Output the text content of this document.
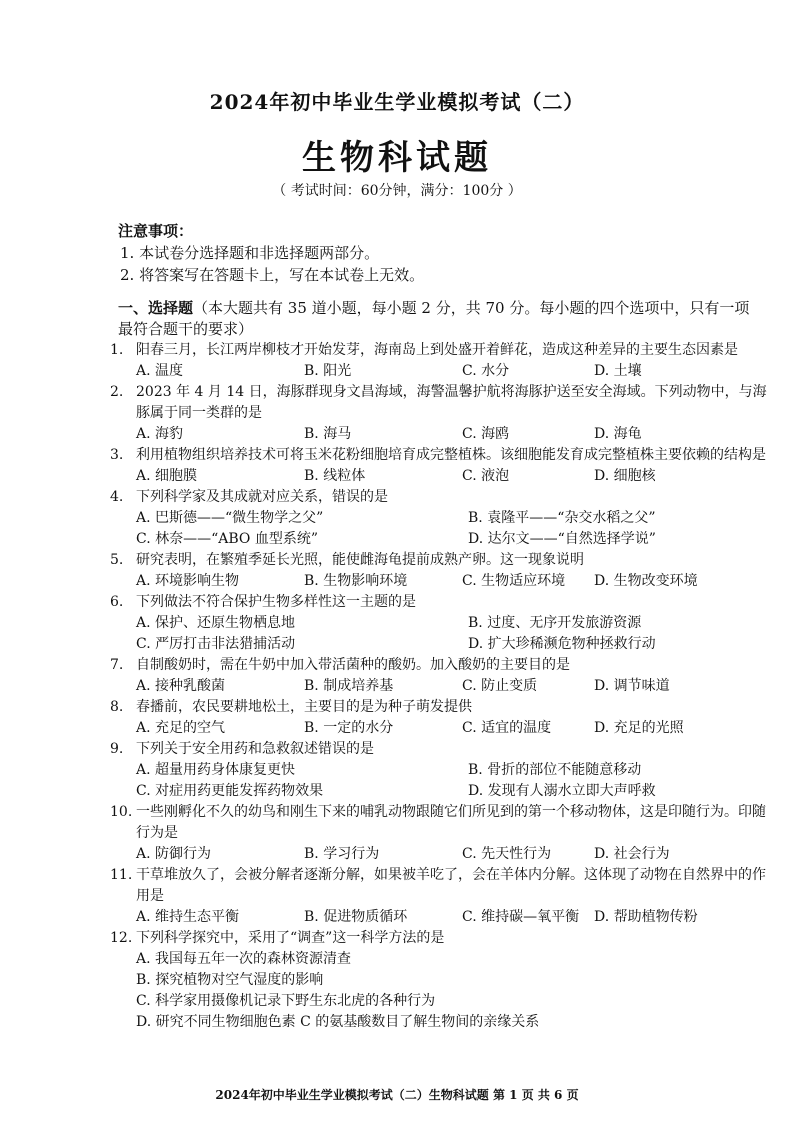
2024年初中毕业生学业模拟考试（二）
生物科试题
（ 考试时间：60分钟，满分：100分 ）
注意事项：
1. 本试卷分选择题和非选择题两部分。
2. 将答案写在答题卡上，写在本试卷上无效。
一、选择题（本大题共有 35 道小题，每小题 2 分，共 70 分。每小题的四个选项中，只有一项最符合题干的要求）
1. 阳春三月，长江两岸柳枝才开始发芽，海南岛上到处盛开着鲜花，造成这种差异的主要生态因素是
A. 温度	B. 阳光	C. 水分	D. 土壤
2. 2023 年 4 月 14 日，海豚群现身文昌海域，海警温馨护航将海豚护送至安全海域。下列动物中，与海豚属于同一类群的是
A. 海豹	B. 海马	C. 海鸥	D. 海龟
3. 利用植物组织培养技术可将玉米花粉细胞培育成完整植株。该细胞能发育成完整植株主要依赖的结构是
A. 细胞膜	B. 线粒体	C. 液泡	D. 细胞核
4. 下列科学家及其成就对应关系，错误的是
A. 巴斯德——“微生物学之父”	B. 袁隆平——“杂交水稻之父”
C. 林奈——“ABO 血型系统”	D. 达尔文——“自然选择学说”
5. 研究表明，在繁殖季延长光照，能使雌海龟提前成熟产卵。这一现象说明
A. 环境影响生物	B. 生物影响环境	C. 生物适应环境	D. 生物改变环境
6. 下列做法不符合保护生物多样性这一主题的是
A. 保护、还原生物栖息地	B. 过度、无序开发旅游资源
C. 严厉打击非法猎捕活动	D. 扩大珍稀濒危物种拯救行动
7. 自制酸奶时，需在牛奶中加入带活菌种的酸奶。加入酸奶的主要目的是
A. 接种乳酸菌	B. 制成培养基	C. 防止变质	D. 调节味道
8. 春播前，农民要耕地松土，主要目的是为种子萌发提供
A. 充足的空气	B. 一定的水分	C. 适宜的温度	D. 充足的光照
9. 下列关于安全用药和急救叙述错误的是
A. 超量用药身体康复更快	B. 骨折的部位不能随意移动
C. 对症用药更能发挥药物效果	D. 发现有人溺水立即大声呼救
10. 一些刚孵化不久的幼鸟和刚生下来的哺乳动物跟随它们所见到的第一个移动物体，这是印随行为。印随行为是
A. 防御行为	B. 学习行为	C. 先天性行为	D. 社会行为
11. 干草堆放久了，会被分解者逐渐分解，如果被羊吃了，会在羊体内分解。这体现了动物在自然界中的作用是
A. 维持生态平衡	B. 促进物质循环	C. 维持碳—氧平衡	D. 帮助植物传粉
12. 下列科学探究中，采用了“调查”这一科学方法的是
A. 我国每五年一次的森林资源清查
B. 探究植物对空气湿度的影响
C. 科学家用摄像机记录下野生东北虎的各种行为
D. 研究不同生物细胞色素 C 的氨基酸数目了解生物间的亲缘关系
2024年初中毕业生学业模拟考试（二）生物科试题 第 1 页 共 6 页
